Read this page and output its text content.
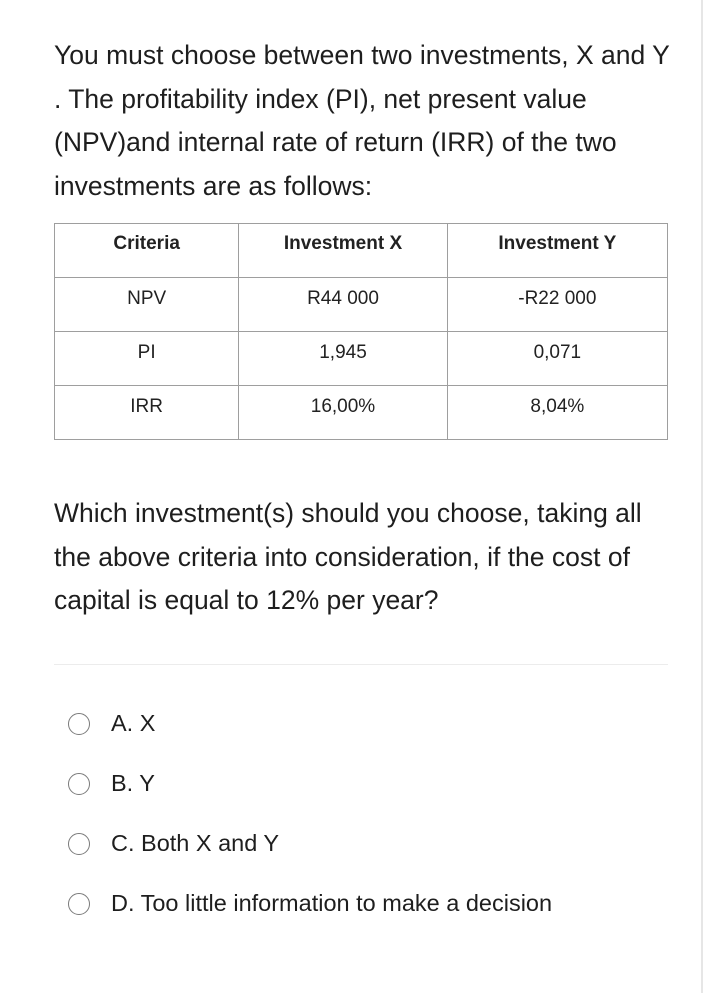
You must choose between two investments, X and Y . The profitability index (PI), net present value (NPV)and internal rate of return (IRR) of the two investments are as follows:

Criteria	Investment X	Investment Y
NPV	R44 000	-R22 000
PI	1,945	0,071
IRR	16,00%	8,04%

Which investment(s) should you choose, taking all the above criteria into consideration, if the cost of capital is equal to 12% per year?

A. X
B. Y
C. Both X and Y
D. Too little information to make a decision
